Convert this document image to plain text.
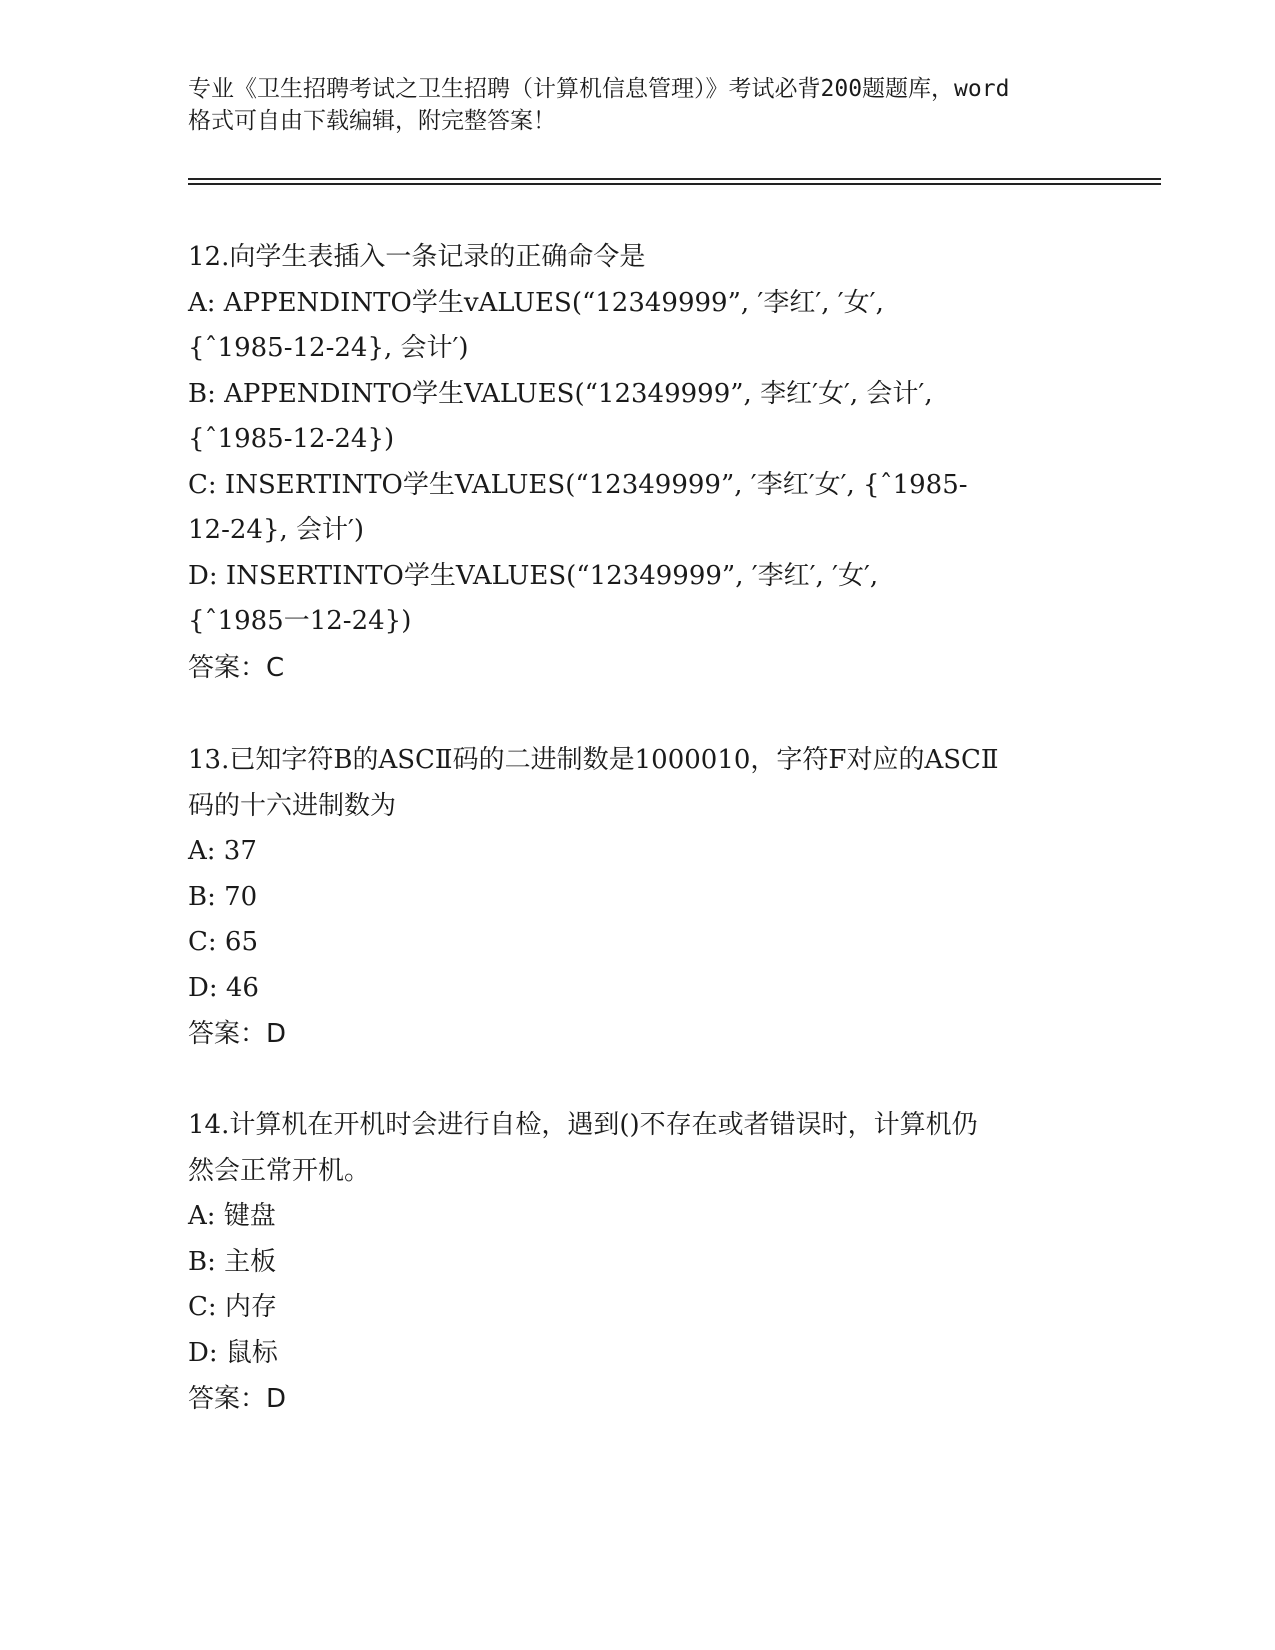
专业《卫生招聘考试之卫生招聘（计算机信息管理）》考试必背200题题库，word
格式可自由下载编辑，附完整答案！
12.向学生表插入一条记录的正确命令是
A: APPENDINTO学生vALUES(“12349999”, ′李红′, ′女′,
{ˆ1985-12-24}, 会计′)
B: APPENDINTO学生VALUES(“12349999”, 李红′女′, 会计′,
{ˆ1985-12-24})
C: INSERTINTO学生VALUES(“12349999”, ′李红′女′, {ˆ1985-
12-24}, 会计′)
D: INSERTINTO学生VALUES(“12349999”, ′李红′, ′女′,
{ˆ1985一12-24})
答案：C
13.已知字符B的ASCⅡ码的二进制数是1000010，字符F对应的ASCⅡ
码的十六进制数为
A: 37
B: 70
C: 65
D: 46
答案：D
14.计算机在开机时会进行自检，遇到()不存在或者错误时，计算机仍
然会正常开机。
A: 键盘
B: 主板
C: 内存
D: 鼠标
答案：D
